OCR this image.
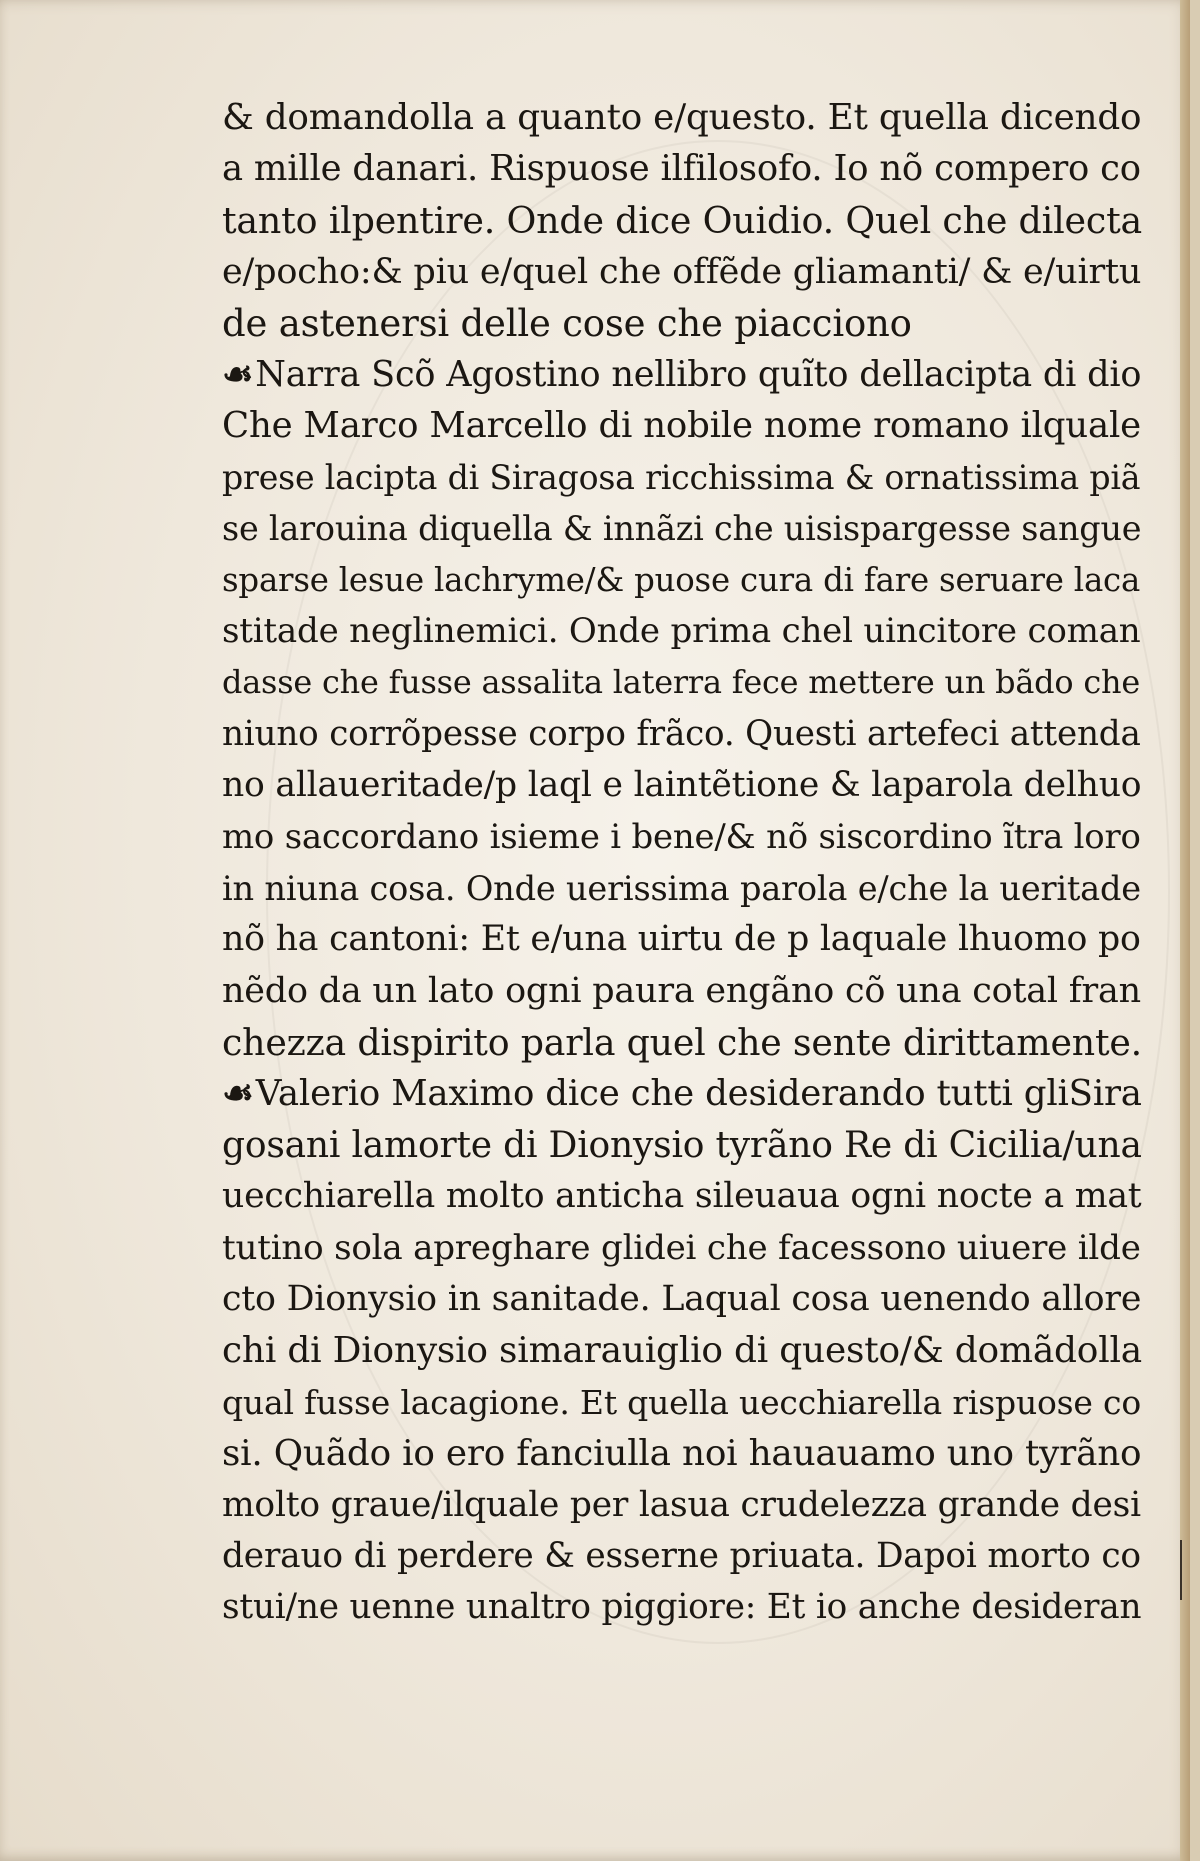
& domandolla a quanto e/questo. Et quella dicendo
a mille danari. Rispuose ilfilosofo. Io nõ compero co
tanto ilpentire. Onde dice Ouidio. Quel che dilecta
e/pocho:& piu e/quel che offẽde gliamanti/ & e/uirtu
de astenersi delle cose che piacciono
☙Narra Scõ Agostino nellibro quĩto dellacipta di dio
Che Marco Marcello di nobile nome romano ilquale
prese lacipta di Siragosa ricchissima & ornatissima piã
se larouina diquella & innãzi che uisispargesse sangue
sparse lesue lachryme/& puose cura di fare seruare laca
stitade neglinemici. Onde prima chel uincitore coman
dasse che fusse assalita laterra fece mettere un bãdo che
niuno corrõpesse corpo frãco. Questi artefeci attenda
no allaueritade/p laql e laintẽtione & laparola delhuo
mo saccordano isieme i bene/& nõ siscordino ĩtra loro
in niuna cosa. Onde uerissima parola e/che la ueritade
nõ ha cantoni: Et e/una uirtu de p laquale lhuomo po
nẽdo da un lato ogni paura engãno cõ una cotal fran
chezza dispirito parla quel che sente dirittamente.
☙Valerio Maximo dice che desiderando tutti gliSira
gosani lamorte di Dionysio tyrãno Re di Cicilia/una
uecchiarella molto anticha sileuaua ogni nocte a mat
tutino sola apreghare glidei che facessono uiuere ilde
cto Dionysio in sanitade. Laqual cosa uenendo allore
chi di Dionysio simarauiglio di questo/& domãdolla
qual fusse lacagione. Et quella uecchiarella rispuose co
si. Quãdo io ero fanciulla noi hauauamo uno tyrãno
molto graue/ilquale per lasua crudelezza grande desi
derauo di perdere & esserne priuata. Dapoi morto co
stui/ne uenne unaltro piggiore: Et io anche desideran
